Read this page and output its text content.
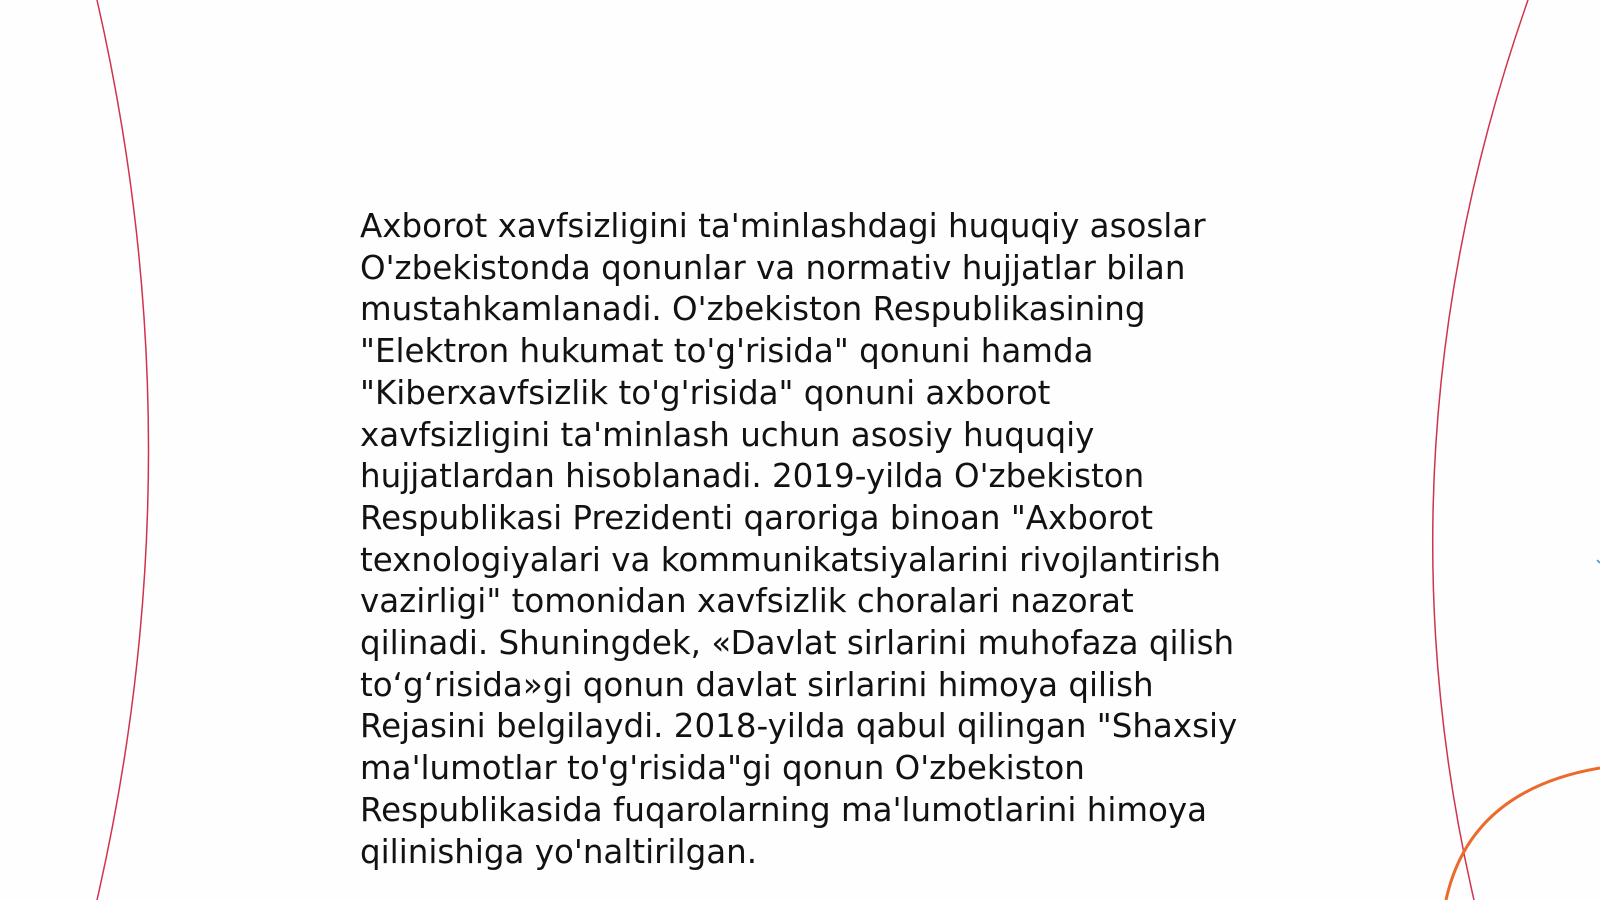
Axborot xavfsizligini ta'minlashdagi huquqiy asoslar
O'zbekistonda qonunlar va normativ hujjatlar bilan
mustahkamlanadi. O'zbekiston Respublikasining
"Elektron hukumat to'g'risida" qonuni hamda
"Kiberxavfsizlik to'g'risida" qonuni axborot
xavfsizligini ta'minlash uchun asosiy huquqiy
hujjatlardan hisoblanadi. 2019-yilda O'zbekiston
Respublikasi Prezidenti qaroriga binoan "Axborot
texnologiyalari va kommunikatsiyalarini rivojlantirish
vazirligi" tomonidan xavfsizlik choralari nazorat
qilinadi. Shuningdek, «Davlat sirlarini muhofaza qilish
to‘g‘risida»gi qonun davlat sirlarini himoya qilish
Rejasini belgilaydi. 2018-yilda qabul qilingan "Shaxsiy
ma'lumotlar to'g'risida"gi qonun O'zbekiston
Respublikasida fuqarolarning ma'lumotlarini himoya
qilinishiga yo'naltirilgan.
